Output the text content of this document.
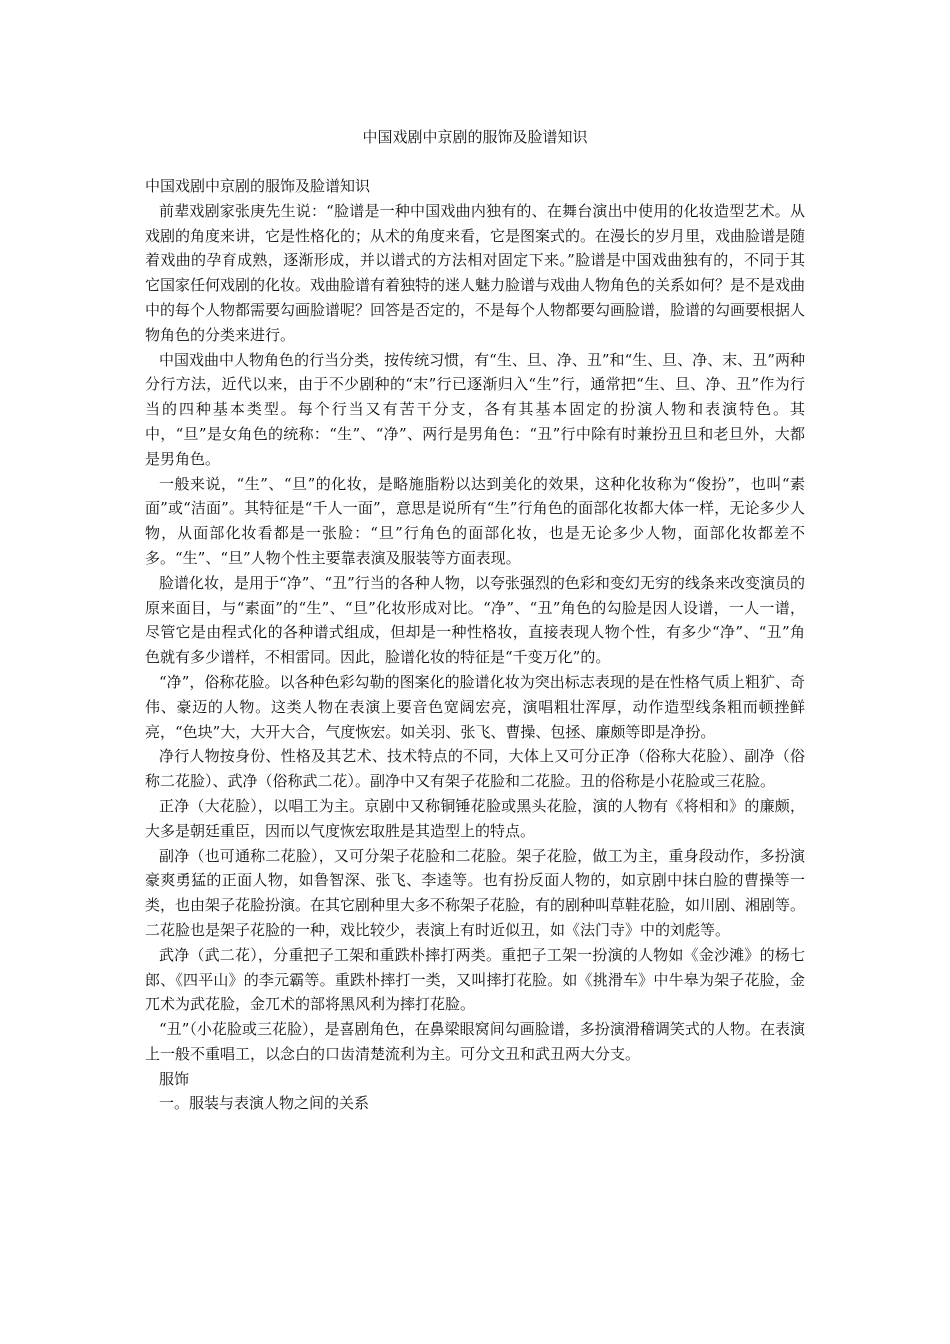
中国戏剧中京剧的服饰及脸谱知识

中国戏剧中京剧的服饰及脸谱知识

前辈戏剧家张庚先生说：“脸谱是一种中国戏曲内独有的、在舞台演出中使用的化妆造型艺术。从戏剧的角度来讲，它是性格化的；从术的角度来看，它是图案式的。在漫长的岁月里，戏曲脸谱是随着戏曲的孕育成熟，逐渐形成，并以谱式的方法相对固定下来。”脸谱是中国戏曲独有的，不同于其它国家任何戏剧的化妆。戏曲脸谱有着独特的迷人魅力脸谱与戏曲人物角色的关系如何？是不是戏曲中的每个人物都需要勾画脸谱呢？回答是否定的，不是每个人物都要勾画脸谱，脸谱的勾画要根据人物角色的分类来进行。

中国戏曲中人物角色的行当分类，按传统习惯，有“生、旦、净、丑”和“生、旦、净、末、丑”两种分行方法，近代以来，由于不少剧种的“末”行已逐渐归入“生”行，通常把“生、旦、净、丑”作为行当的四种基本类型。每个行当又有苦干分支，各有其基本固定的扮演人物和表演特色。其中，“旦”是女角色的统称：“生”、“净”、两行是男角色：“丑”行中除有时兼扮丑旦和老旦外，大都是男角色。

一般来说，“生”、“旦”的化妆，是略施脂粉以达到美化的效果，这种化妆称为“俊扮”，也叫“素面”或“洁面”。其特征是“千人一面”，意思是说所有“生”行角色的面部化妆都大体一样，无论多少人物，从面部化妆看都是一张脸：“旦”行角色的面部化妆，也是无论多少人物，面部化妆都差不多。“生”、“旦”人物个性主要靠表演及服装等方面表现。

脸谱化妆，是用于“净”、“丑”行当的各种人物，以夸张强烈的色彩和变幻无穷的线条来改变演员的原来面目，与“素面”的“生”、“旦”化妆形成对比。“净”、“丑”角色的勾脸是因人设谱，一人一谱，尽管它是由程式化的各种谱式组成，但却是一种性格妆，直接表现人物个性，有多少“净”、“丑”角色就有多少谱样，不相雷同。因此，脸谱化妆的特征是“千变万化”的。

“净”，俗称花脸。以各种色彩勾勒的图案化的脸谱化妆为突出标志表现的是在性格气质上粗犷、奇伟、豪迈的人物。这类人物在表演上要音色宽阔宏亮，演唱粗壮浑厚，动作造型线条粗而顿挫鲜亮，“色块”大，大开大合，气度恢宏。如关羽、张飞、曹操、包拯、廉颇等即是净扮。

净行人物按身份、性格及其艺术、技术特点的不同，大体上又可分正净（俗称大花脸）、副净（俗称二花脸）、武净（俗称武二花）。副净中又有架子花脸和二花脸。丑的俗称是小花脸或三花脸。

正净（大花脸），以唱工为主。京剧中又称铜锤花脸或黑头花脸，演的人物有《将相和》的廉颇，大多是朝廷重臣，因而以气度恢宏取胜是其造型上的特点。

副净（也可通称二花脸），又可分架子花脸和二花脸。架子花脸，做工为主，重身段动作，多扮演豪爽勇猛的正面人物，如鲁智深、张飞、李逵等。也有扮反面人物的，如京剧中抹白脸的曹操等一类，也由架子花脸扮演。在其它剧种里大多不称架子花脸，有的剧种叫草鞋花脸，如川剧、湘剧等。二花脸也是架子花脸的一种，戏比较少，表演上有时近似丑，如《法门寺》中的刘彪等。

武净（武二花），分重把子工架和重跌朴摔打两类。重把子工架一扮演的人物如《金沙滩》的杨七郎、《四平山》的李元霸等。重跌朴摔打一类，又叫摔打花脸。如《挑滑车》中牛皋为架子花脸，金兀术为武花脸，金兀术的部将黑风利为摔打花脸。

“丑”（小花脸或三花脸），是喜剧角色，在鼻梁眼窝间勾画脸谱，多扮演滑稽调笑式的人物。在表演上一般不重唱工，以念白的口齿清楚流利为主。可分文丑和武丑两大分支。

服饰

一。服装与表演人物之间的关系
